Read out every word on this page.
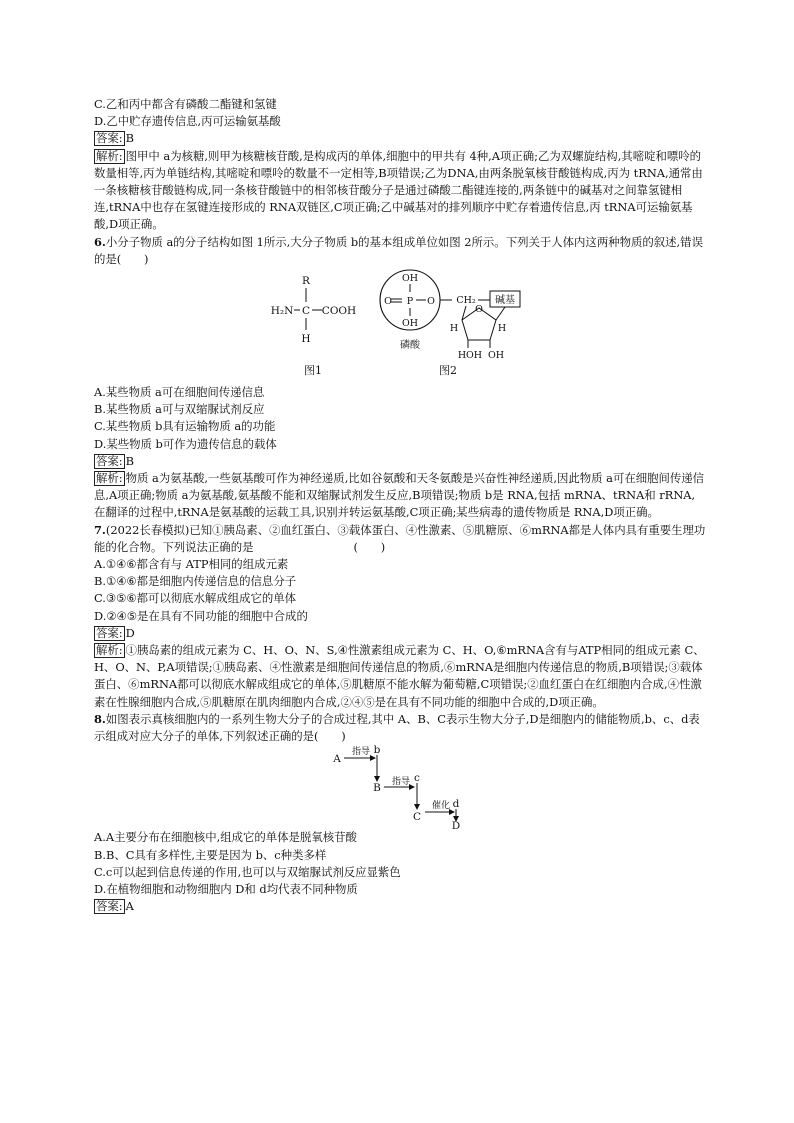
C.乙和丙中都含有磷酸二酯键和氢键
D.乙中贮存遗传信息,丙可运输氨基酸
答案: B
解析: 图甲中 a为核糖,则甲为核糖核苷酸,是构成丙的单体,细胞中的甲共有 4种,A项正确;乙为双螺旋结构,其嘧啶和嘌呤的数量相等,丙为单链结构,其嘧啶和嘌呤的数量不一定相等,B项错误;乙为DNA,由两条脱氧核苷酸链构成,丙为 tRNA,通常由一条核糖核苷酸链构成,同一条核苷酸链中的相邻核苷酸分子是通过磷酸二酯键连接的,两条链中的碱基对之间靠氢键相连,tRNA中也存在氢键连接形成的 RNA双链区,C项正确;乙中碱基对的排列顺序中贮存着遗传信息,丙 tRNA可运输氨基酸,D项正确。
6.小分子物质 a的分子结构如图 1所示,大分子物质 b的基本组成单位如图 2所示。下列关于人体内这两种物质的叙述,错误的是(　　)
R
H₂N C COOH
H
图1
OH
O P O
OH
磷酸
CH₂ 碱基
O
H	H
H OH OH
图2
A.某些物质 a可在细胞间传递信息
B.某些物质 a可与双缩脲试剂反应
C.某些物质 b具有运输物质 a的功能
D.某些物质 b可作为遗传信息的载体
答案: B
解析: 物质 a为氨基酸,一些氨基酸可作为神经递质,比如谷氨酸和天冬氨酸是兴奋性神经递质,因此物质 a可在细胞间传递信息,A项正确;物质 a为氨基酸,氨基酸不能和双缩脲试剂发生反应,B项错误;物质 b是 RNA,包括 mRNA、tRNA和 rRNA,在翻译的过程中,tRNA是氨基酸的运载工具,识别并转运氨基酸,C项正确;某些病毒的遗传物质是 RNA,D项正确。
7.(2022长春模拟)已知①胰岛素、②血红蛋白、③载体蛋白、④性激素、⑤肌糖原、⑥mRNA都是人体内具有重要生理功能的化合物。下列说法正确的是	(　　)
A.①④⑥都含有与 ATP相同的组成元素
B.①④⑥都是细胞内传递信息的信息分子
C.③⑤⑥都可以彻底水解成组成它的单体
D.②④⑤是在具有不同功能的细胞中合成的
答案: D
解析: ①胰岛素的组成元素为 C、H、O、N、S,④性激素组成元素为 C、H、O,⑥mRNA含有与ATP相同的组成元素 C、H、O、N、P,A项错误;①胰岛素、④性激素是细胞间传递信息的物质,⑥mRNA是细胞内传递信息的物质,B项错误;③载体蛋白、⑥mRNA都可以彻底水解成组成它的单体,⑤肌糖原不能水解为葡萄糖,C项错误;②血红蛋白在红细胞内合成,④性激素在性腺细胞内合成,⑤肌糖原在肌肉细胞内合成,②④⑤是在具有不同功能的细胞中合成的,D项正确。
8.如图表示真核细胞内的一系列生物大分子的合成过程,其中 A、B、C表示生物大分子,D是细胞内的储能物质,b、c、d表示组成对应大分子的单体,下列叙述正确的是(　　)
A
指导 b
B 指导 c
C
催化 d
D
A.A主要分布在细胞核中,组成它的单体是脱氧核苷酸
B.B、C具有多样性,主要是因为 b、c种类多样
C.c可以起到信息传递的作用,也可以与双缩脲试剂反应显紫色
D.在植物细胞和动物细胞内 D和 d均代表不同种物质
答案: A
